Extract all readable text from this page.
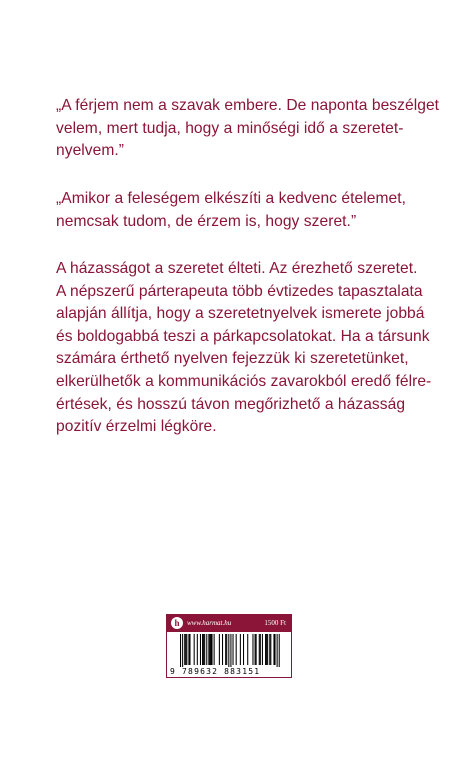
„A férjem nem a szavak embere. De naponta beszélget
velem, mert tudja, hogy a minőségi idő a szeretet-
nyelvem.”
„Amikor a feleségem elkészíti a kedvenc ételemet,
nemcsak tudom, de érzem is, hogy szeret.”
A házasságot a szeretet élteti. Az érezhető szeretet.
A népszerű párterapeuta több évtizedes tapasztalata
alapján állítja, hogy a szeretetnyelvek ismerete jobbá
és boldogabbá teszi a párkapcsolatokat. Ha a társunk
számára érthető nyelven fejezzük ki szeretetünket,
elkerülhetők a kommunikációs zavarokból eredő félre-
értések, és hosszú távon megőrizhető a házasság
pozitív érzelmi légköre.
h	www.harmat.hu	1500 Ft
9 789632 883151
